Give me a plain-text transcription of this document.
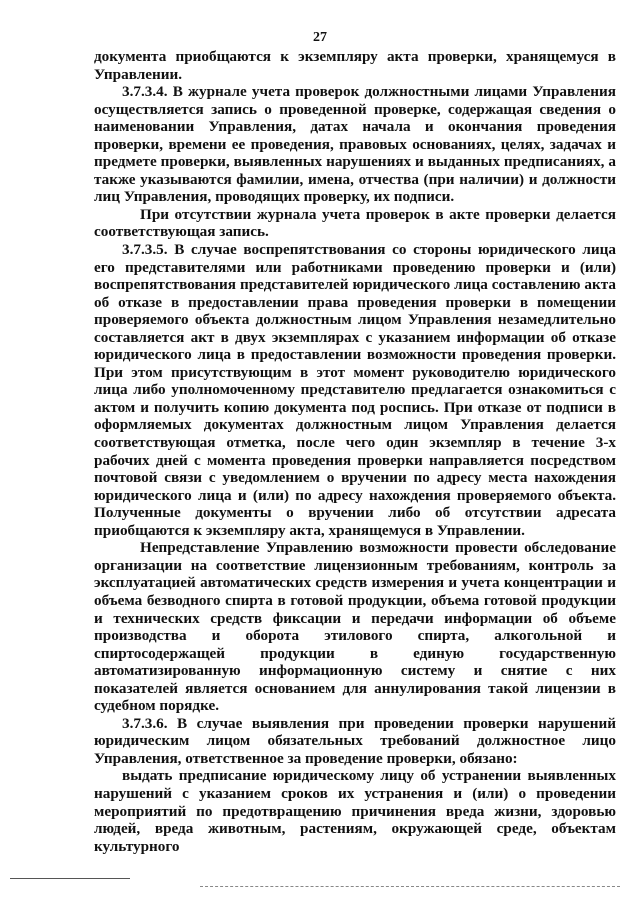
27

документа приобщаются к экземпляру акта проверки, хранящемуся в Управлении.

3.7.3.4. В журнале учета проверок должностными лицами Управления осуществляется запись о проведенной проверке, содержащая сведения о наименовании Управления, датах начала и окончания проведения проверки, времени ее проведения, правовых основаниях, целях, задачах и предмете проверки, выявленных нарушениях и выданных предписаниях, а также указываются фамилии, имена, отчества (при наличии) и должности лиц Управления, проводящих проверку, их подписи.

При отсутствии журнала учета проверок в акте проверки делается соответствующая запись.

3.7.3.5. В случае воспрепятствования со стороны юридического лица его представителями или работниками проведению проверки и (или) воспрепятствования представителей юридического лица составлению акта об отказе в предоставлении права проведения проверки в помещении проверяемого объекта должностным лицом Управления незамедлительно составляется акт в двух экземплярах с указанием информации об отказе юридического лица в предоставлении возможности проведения проверки. При этом присутствующим в этот момент руководителю юридического лица либо уполномоченному представителю предлагается ознакомиться с актом и получить копию документа под роспись. При отказе от подписи в оформляемых документах должностным лицом Управления делается соответствующая отметка, после чего один экземпляр в течение 3-х рабочих дней с момента проведения проверки направляется посредством почтовой связи с уведомлением о вручении по адресу места нахождения юридического лица и (или) по адресу нахождения проверяемого объекта. Полученные документы о вручении либо об отсутствии адресата приобщаются к экземпляру акта, хранящемуся в Управлении.

Непредставление Управлению возможности провести обследование организации на соответствие лицензионным требованиям, контроль за эксплуатацией автоматических средств измерения и учета концентрации и объема безводного спирта в готовой продукции, объема готовой продукции и технических средств фиксации и передачи информации об объеме производства и оборота этилового спирта, алкогольной и спиртосодержащей продукции в единую государственную автоматизированную информационную систему и снятие с них показателей является основанием для аннулирования такой лицензии в судебном порядке.

3.7.3.6. В случае выявления при проведении проверки нарушений юридическим лицом обязательных требований должностное лицо Управления, ответственное за проведение проверки, обязано:

выдать предписание юридическому лицу об устранении выявленных нарушений с указанием сроков их устранения и (или) о проведении мероприятий по предотвращению причинения вреда жизни, здоровью людей, вреда животным, растениям, окружающей среде, объектам культурного
